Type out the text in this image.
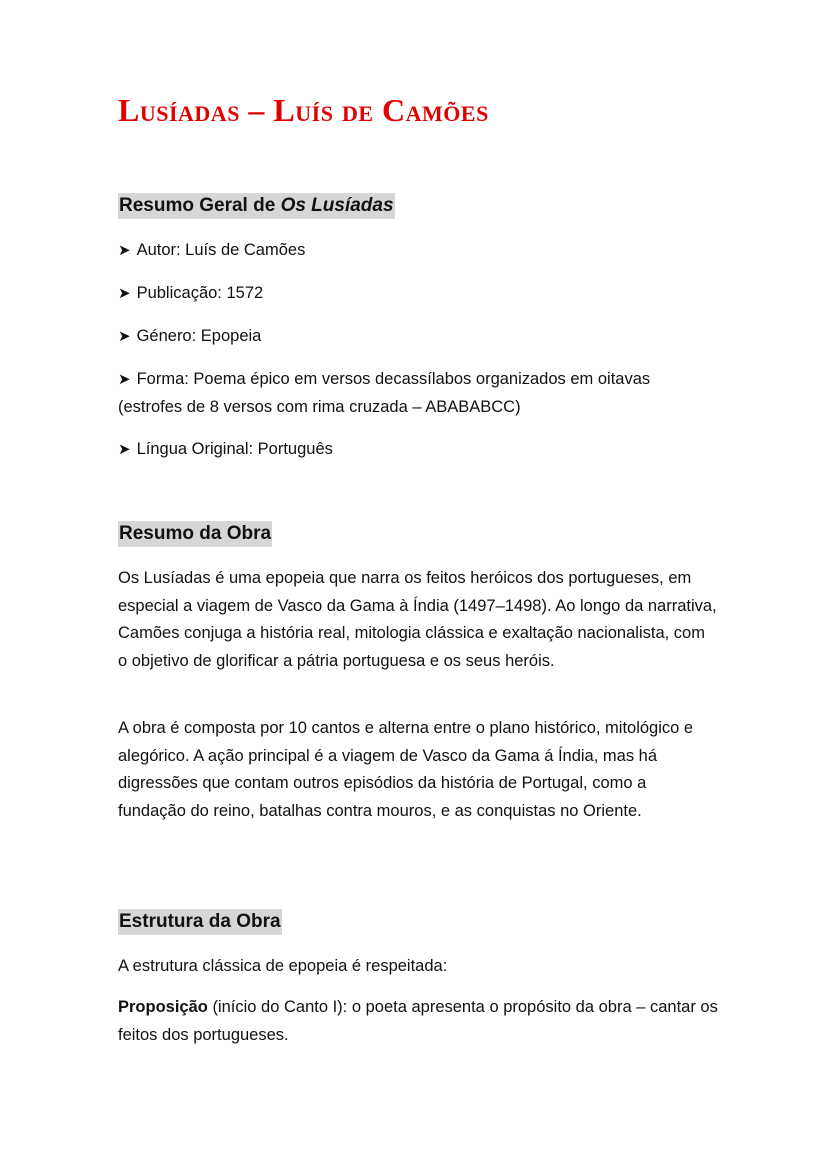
Lusíadas – Luís de Camões
Resumo Geral de Os Lusíadas

➤ Autor: Luís de Camões

➤ Publicação: 1572

➤ Género: Epopeia

➤ Forma: Poema épico em versos decassílabos organizados em oitavas
(estrofes de 8 versos com rima cruzada – ABABABCC)

➤ Língua Original: Português

Resumo da Obra

Os Lusíadas é uma epopeia que narra os feitos heróicos dos portugueses, em especial a viagem de Vasco da Gama à Índia (1497–1498). Ao longo da narrativa, Camões conjuga a história real, mitologia clássica e exaltação nacionalista, com o objetivo de glorificar a pátria portuguesa e os seus heróis.

A obra é composta por 10 cantos e alterna entre o plano histórico, mitológico e alegórico. A ação principal é a viagem de Vasco da Gama á Índia, mas há digressões que contam outros episódios da história de Portugal, como a fundação do reino, batalhas contra mouros, e as conquistas no Oriente.

Estrutura da Obra

A estrutura clássica de epopeia é respeitada:

Proposição (início do Canto I): o poeta apresenta o propósito da obra – cantar os feitos dos portugueses.
